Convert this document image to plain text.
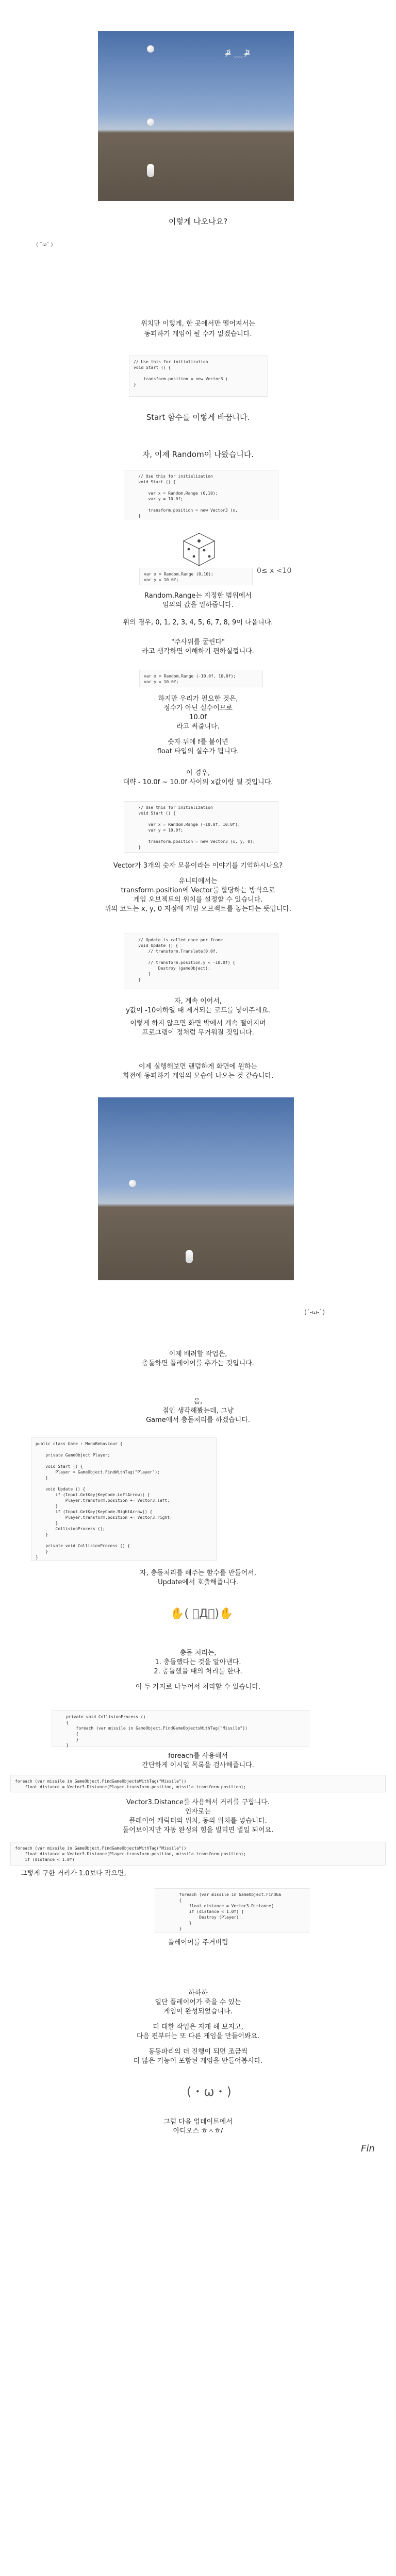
ᵒ̴̶̷᷄ ﹏ ᵒ̴̶̷᷅
이렇게 나오나요?
( ˘ω˘ )
위치만 이렇게, 한 곳에서만 떨어져서는
동피하기 게임이 될 수가 없겠습니다.
// Use this for initialization
void Start () {

transform.position = new Vector3 (
}
Start 함수를 이렇게 바꿉니다.
자, 이제 Random이 나왔습니다.
// Use this for initialization
void Start () {

var x = Random.Range (0,10);
var y = 10.0f;

transform.position = new Vector3 (x,
}
var x = Random.Range (0,10);
var y = 10.0f;
0≤ x <10
Random.Range는 지정한 범위에서
임의의 값을 일하줍니다.
위의 경우, 0, 1, 2, 3, 4, 5, 6, 7, 8, 9이 나옵니다.
"주사위를 굴린다"
라고 생각하면 이해하기 편하실껍니다.
var x = Random.Range (-10.0f, 10.0f);
var y = 10.0f;
하지만 우리가 필요한 것은,
정수가 아닌 실수이므로
10.0f
라고 써줍니다.
숫자 뒤에 f를 붙이면
float 타입의 실수가 됩니다.
이 경우,
대략 - 10.0f ~ 10.0f 사이의 x값이랑 될 것입니다.
// Use this for initialization
void Start () {

var x = Random.Range (-10.0f, 10.0f);
var y = 10.0f;

transform.position = new Vector3 (x, y, 0);
}
Vector가 3개의 숫자 모음이라는 이야기를 기억하시나요?
유니티에서는
transform.position에 Vector를 할당하는 방식으로
게임 오브젝트의 위치를 설정할 수 있습니다.
위의 코드는 x, y, 0 지점에 게임 오브젝트를 놓는다는 뜻입니다.
// Update is called once per frame
void Update () {
// transform.Translate(0.0f,

// transform.position.y < -10.0f) {
Destroy (gameObject);
}
}
자, 계속 이어서,
y값이 -10이하일 때 제거되는 코드를 넣어주세요.
이렇게 하지 않으면 화면 밖에서 계속 떨어지며
프로그램이 정처럼 무거워질 것입니다.
이제 실행해보면 랜덤하게 화면에 원하는
회전에 동피하기 게임의 모습이 나오는 것 같습니다.
(´-ω-`)
이제 배려할 작업은,
충돌하면 플레이어를 추가는 것입니다.
음,
점인 생각해봤는데, 그냥
Game에서 충돌처리를 하겠습니다.
public class Game : MonoBehaviour {

private GameObject Player;

void Start () {
Player = GameObject.FindWithTag("Player");
}

void Update () {
if (Input.GetKey(KeyCode.LeftArrow)) {
Player.transform.position += Vector3.left;
}
if (Input.GetKey(KeyCode.RightArrow)) {
Player.transform.position += Vector3.right;
}
CollisionProcess ();
}

private void CollisionProcess () {
}
}
자, 충돌처리를 해주는 함수를 만들어서,
Update에서 호출해줍니다.
✋( ゚Д゚)✋
충돌 처리는,
1. 충돌했다는 것을 알아낸다.
2. 충돌했을 때의 처리를 한다.
이 두 가지로 나누어서 처리할 수 있습니다.
private void CollisionProcess ()
{
foreach (var missile in GameObject.FindGameObjectsWithTag("Missile"))
{
}
}
foreach를 사용해서
간단하게 이시일 목록을 검사해줍니다.
foreach (var missile in GameObject.FindGameObjectsWithTag("Missile"))
float distance = Vector3.Distance(Player.transform.position, missile.transform.position);
Vector3.Distance를 사용해서 거리를 구합니다.
인자로는
플레이어 캐릭터의 위치, 동의 위치를 넣습니다.
둘어보이지만 자동 완성의 힘을 빌리면 별일 되어요.
foreach (var missile in GameObject.FindGameObjectsWithTag("Missile"))
float distance = Vector3.Distance(Player.transform.position, missile.transform.position);
if (distance < 1.0f)
그렇게 구한 거리가 1.0보다 작으면,
foreach (var missile in GameObject.FindGa
{
float distance = Vector3.Distance(
if (distance < 1.0f) {
Destroy (Player);
}
}
플레이어를 주거버림
하하하
일단 플레이어가 죽을 수 있는
게임이 완성되었습니다.
더 대한 작업은 지게 해 보지고,
다음 편부터는 또 다른 게임을 만들어봐요.
동동파리의 더 진행이 되면 조금씩
더 많은 기능이 포함된 게임을 만들어봅시다.
(・ω・)
그럼 다음 업데이트에서
아디오스 ㅎㅅㅎ/
Fin
